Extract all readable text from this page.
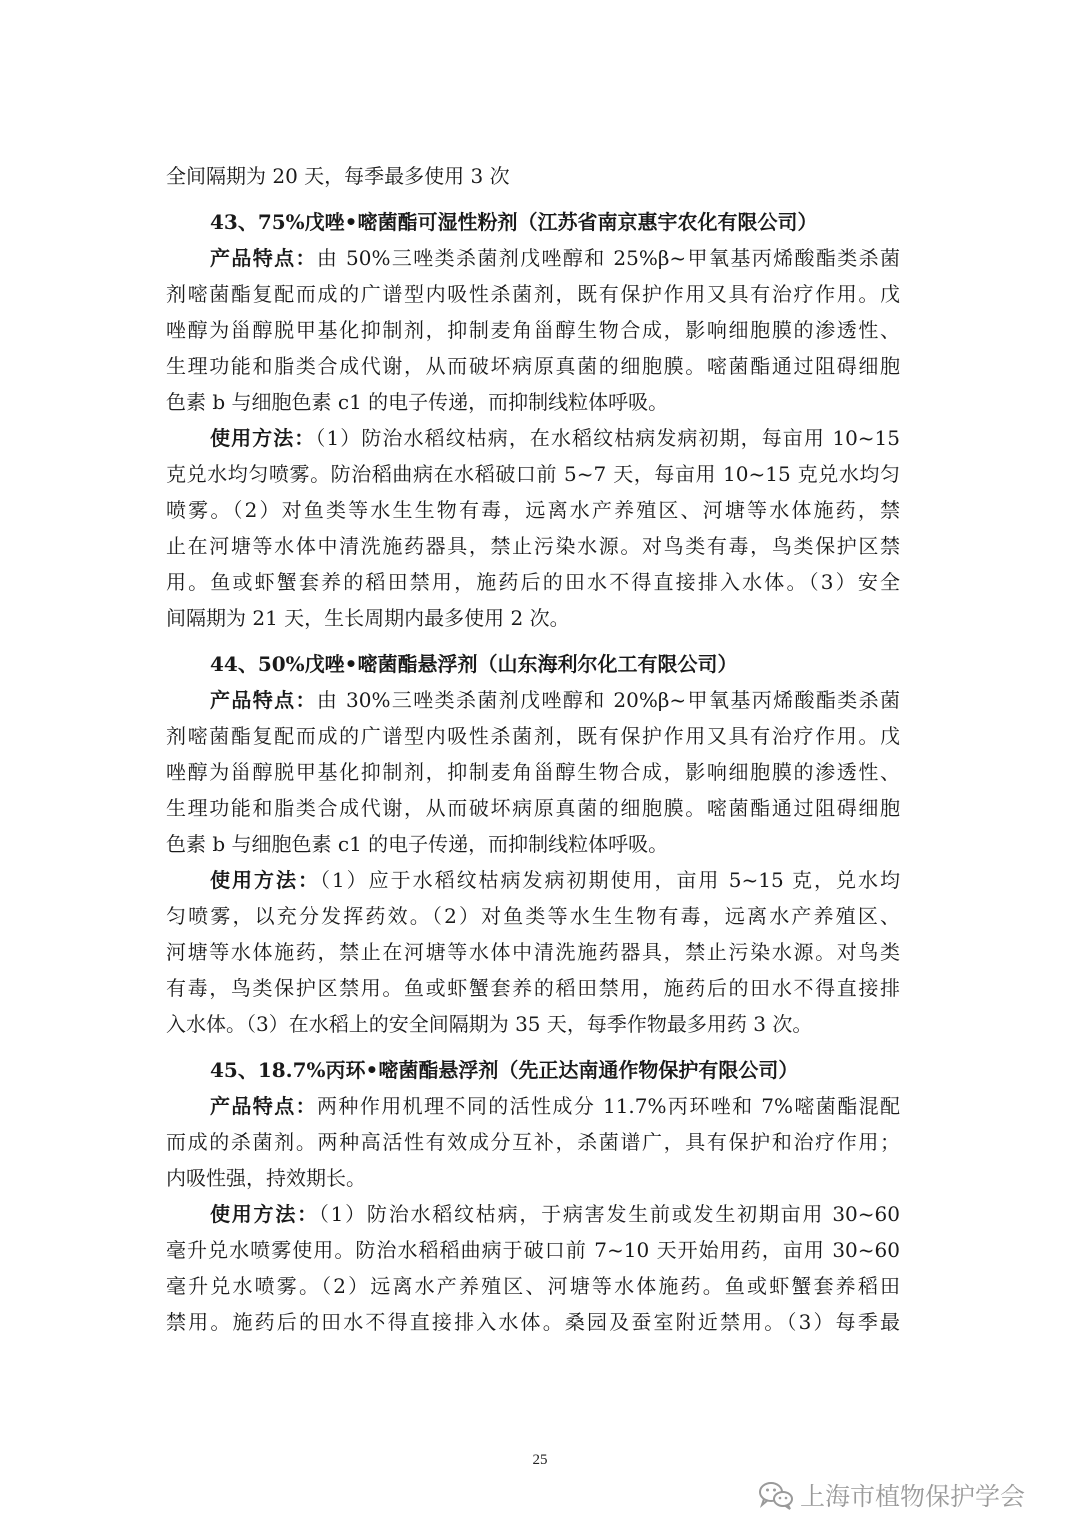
全间隔期为 20 天，每季最多使用 3 次
43、75%戊唑•嘧菌酯可湿性粉剂（江苏省南京惠宇农化有限公司）
产品特点：由 50%三唑类杀菌剂戊唑醇和 25%β~甲氧基丙烯酸酯类杀菌
剂嘧菌酯复配而成的广谱型内吸性杀菌剂，既有保护作用又具有治疗作用。戊
唑醇为甾醇脱甲基化抑制剂，抑制麦角甾醇生物合成，影响细胞膜的渗透性、
生理功能和脂类合成代谢，从而破坏病原真菌的细胞膜。嘧菌酯通过阻碍细胞
色素 b 与细胞色素 c1 的电子传递，而抑制线粒体呼吸。
使用方法：（1）防治水稻纹枯病，在水稻纹枯病发病初期，每亩用 10~15
克兑水均匀喷雾。防治稻曲病在水稻破口前 5~7 天，每亩用 10~15 克兑水均匀
喷雾。（2）对鱼类等水生生物有毒，远离水产养殖区、河塘等水体施药，禁
止在河塘等水体中清洗施药器具，禁止污染水源。对鸟类有毒，鸟类保护区禁
用。鱼或虾蟹套养的稻田禁用，施药后的田水不得直接排入水体。（3）安全
间隔期为 21 天，生长周期内最多使用 2 次。
44、50%戊唑•嘧菌酯悬浮剂（山东海利尔化工有限公司）
产品特点：由 30%三唑类杀菌剂戊唑醇和 20%β~甲氧基丙烯酸酯类杀菌
剂嘧菌酯复配而成的广谱型内吸性杀菌剂，既有保护作用又具有治疗作用。戊
唑醇为甾醇脱甲基化抑制剂，抑制麦角甾醇生物合成，影响细胞膜的渗透性、
生理功能和脂类合成代谢，从而破坏病原真菌的细胞膜。嘧菌酯通过阻碍细胞
色素 b 与细胞色素 c1 的电子传递，而抑制线粒体呼吸。
使用方法：（1）应于水稻纹枯病发病初期使用，亩用 5~15 克，兑水均
匀喷雾，以充分发挥药效。（2）对鱼类等水生生物有毒，远离水产养殖区、
河塘等水体施药，禁止在河塘等水体中清洗施药器具，禁止污染水源。对鸟类
有毒，鸟类保护区禁用。鱼或虾蟹套养的稻田禁用，施药后的田水不得直接排
入水体。（3）在水稻上的安全间隔期为 35 天，每季作物最多用药 3 次。
45、18.7%丙环•嘧菌酯悬浮剂（先正达南通作物保护有限公司）
产品特点：两种作用机理不同的活性成分 11.7%丙环唑和 7%嘧菌酯混配
而成的杀菌剂。两种高活性有效成分互补，杀菌谱广，具有保护和治疗作用；
内吸性强，持效期长。
使用方法：（1）防治水稻纹枯病，于病害发生前或发生初期亩用 30~60
毫升兑水喷雾使用。防治水稻稻曲病于破口前 7~10 天开始用药，亩用 30~60
毫升兑水喷雾。（2）远离水产养殖区、河塘等水体施药。鱼或虾蟹套养稻田
禁用。施药后的田水不得直接排入水体。桑园及蚕室附近禁用。（3）每季最
25
上海市植物保护学会
